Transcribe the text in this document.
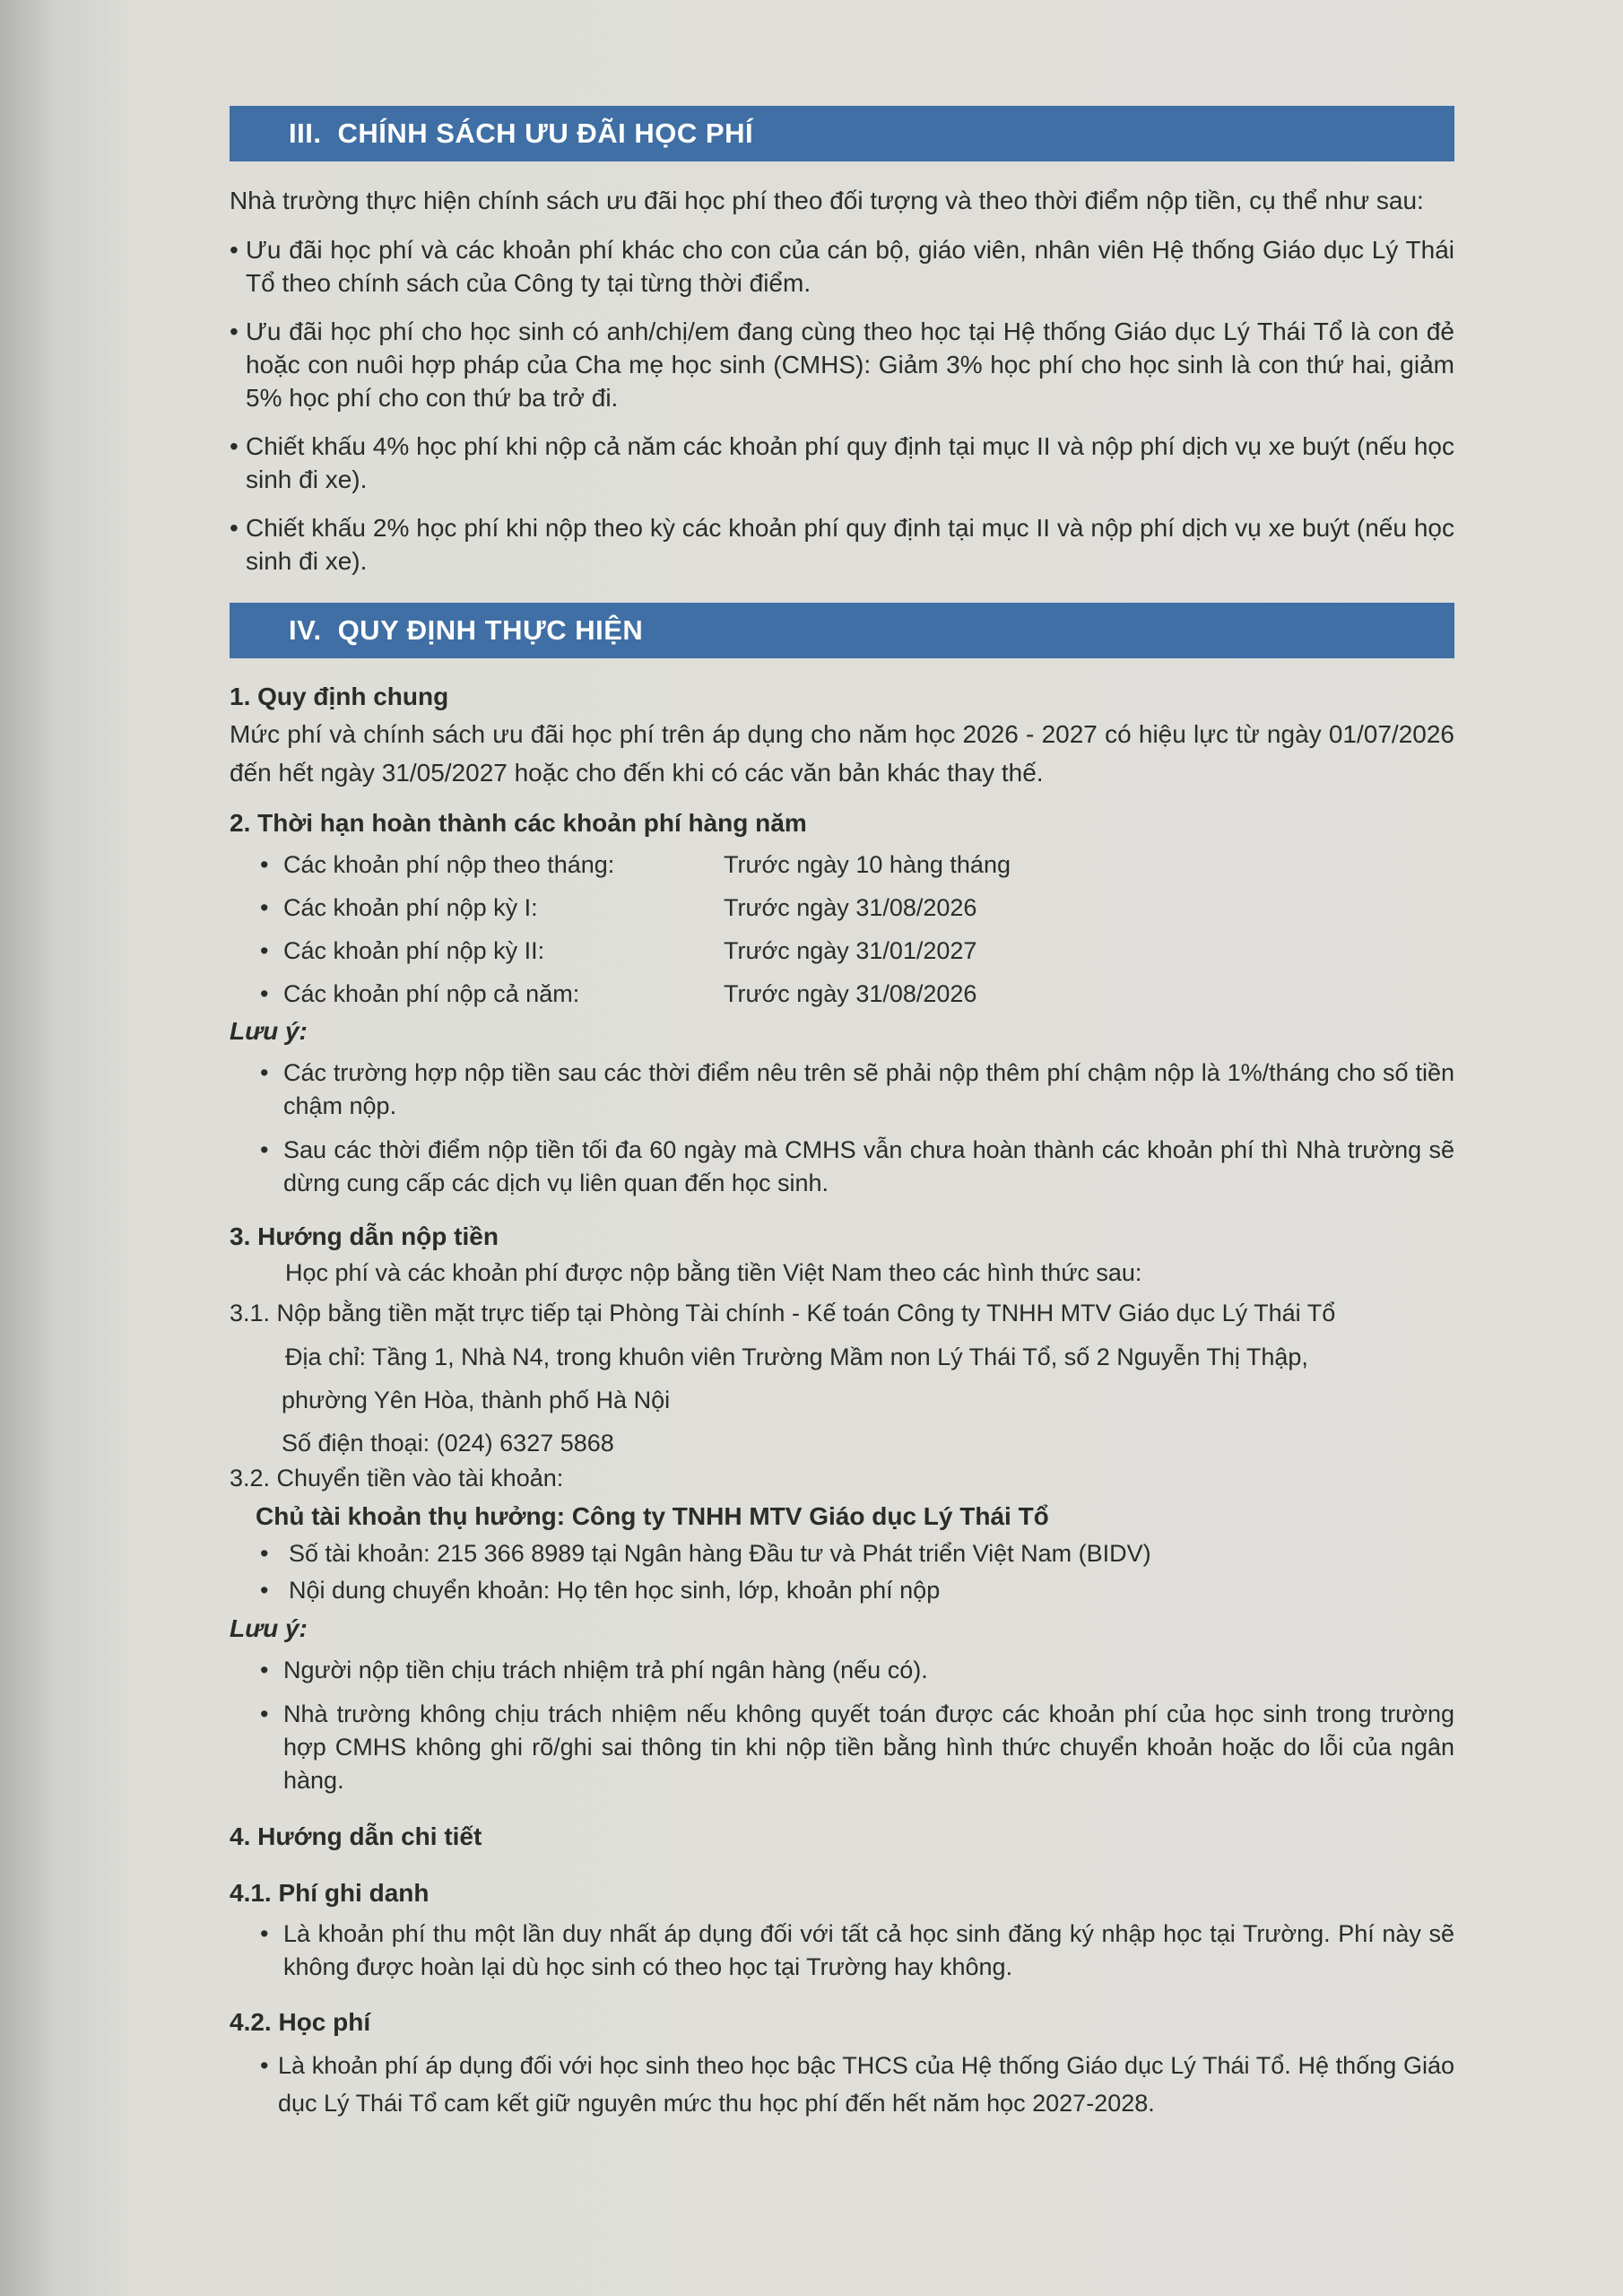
III. CHÍNH SÁCH ƯU ĐÃI HỌC PHÍ

Nhà trường thực hiện chính sách ưu đãi học phí theo đối tượng và theo thời điểm nộp tiền, cụ thể như sau:

• Ưu đãi học phí và các khoản phí khác cho con của cán bộ, giáo viên, nhân viên Hệ thống Giáo dục Lý Thái Tổ theo chính sách của Công ty tại từng thời điểm.

• Ưu đãi học phí cho học sinh có anh/chị/em đang cùng theo học tại Hệ thống Giáo dục Lý Thái Tổ là con đẻ hoặc con nuôi hợp pháp của Cha mẹ học sinh (CMHS): Giảm 3% học phí cho học sinh là con thứ hai, giảm 5% học phí cho con thứ ba trở đi.

• Chiết khấu 4% học phí khi nộp cả năm các khoản phí quy định tại mục II và nộp phí dịch vụ xe buýt (nếu học sinh đi xe).

• Chiết khấu 2% học phí khi nộp theo kỳ các khoản phí quy định tại mục II và nộp phí dịch vụ xe buýt (nếu học sinh đi xe).

IV. QUY ĐỊNH THỰC HIỆN

1. Quy định chung

Mức phí và chính sách ưu đãi học phí trên áp dụng cho năm học 2026 - 2027 có hiệu lực từ ngày 01/07/2026 đến hết ngày 31/05/2027 hoặc cho đến khi có các văn bản khác thay thế.

2. Thời hạn hoàn thành các khoản phí hàng năm

• Các khoản phí nộp theo tháng:	Trước ngày 10 hàng tháng
• Các khoản phí nộp kỳ I:	Trước ngày 31/08/2026
• Các khoản phí nộp kỳ II:	Trước ngày 31/01/2027
• Các khoản phí nộp cả năm:	Trước ngày 31/08/2026

Lưu ý:

• Các trường hợp nộp tiền sau các thời điểm nêu trên sẽ phải nộp thêm phí chậm nộp là 1%/tháng cho số tiền chậm nộp.

• Sau các thời điểm nộp tiền tối đa 60 ngày mà CMHS vẫn chưa hoàn thành các khoản phí thì Nhà trường sẽ dừng cung cấp các dịch vụ liên quan đến học sinh.

3. Hướng dẫn nộp tiền

Học phí và các khoản phí được nộp bằng tiền Việt Nam theo các hình thức sau:

3.1. Nộp bằng tiền mặt trực tiếp tại Phòng Tài chính - Kế toán Công ty TNHH MTV Giáo dục Lý Thái Tổ

Địa chỉ: Tầng 1, Nhà N4, trong khuôn viên Trường Mầm non Lý Thái Tổ, số 2 Nguyễn Thị Thập,

phường Yên Hòa, thành phố Hà Nội

Số điện thoại: (024) 6327 5868

3.2. Chuyển tiền vào tài khoản:

Chủ tài khoản thụ hưởng: Công ty TNHH MTV Giáo dục Lý Thái Tổ

• Số tài khoản: 215 366 8989 tại Ngân hàng Đầu tư và Phát triển Việt Nam (BIDV)

• Nội dung chuyển khoản: Họ tên học sinh, lớp, khoản phí nộp

Lưu ý:

• Người nộp tiền chịu trách nhiệm trả phí ngân hàng (nếu có).

• Nhà trường không chịu trách nhiệm nếu không quyết toán được các khoản phí của học sinh trong trường hợp CMHS không ghi rõ/ghi sai thông tin khi nộp tiền bằng hình thức chuyển khoản hoặc do lỗi của ngân hàng.

4. Hướng dẫn chi tiết

4.1. Phí ghi danh

• Là khoản phí thu một lần duy nhất áp dụng đối với tất cả học sinh đăng ký nhập học tại Trường. Phí này sẽ không được hoàn lại dù học sinh có theo học tại Trường hay không.

4.2. Học phí

• Là khoản phí áp dụng đối với học sinh theo học bậc THCS của Hệ thống Giáo dục Lý Thái Tổ. Hệ thống Giáo dục Lý Thái Tổ cam kết giữ nguyên mức thu học phí đến hết năm học 2027-2028.
